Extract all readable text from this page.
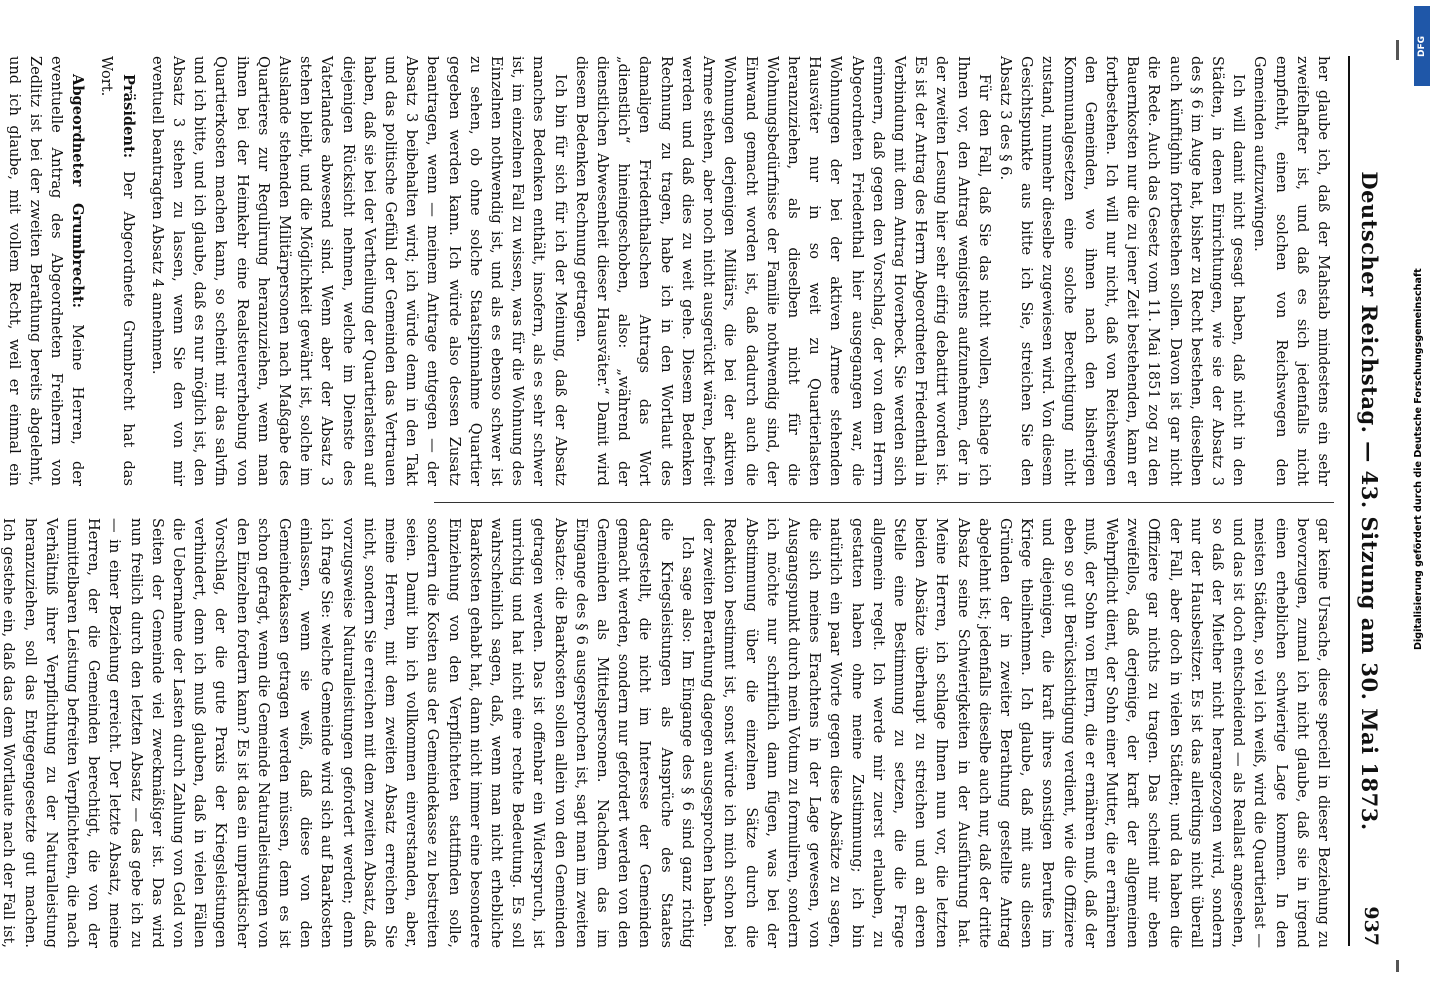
Deutscher Reichstag. — 43. Sitzung am 30. Mai 1873.
937

her glaube ich, daß der Mahstab mindestens ein sehr zweifelhafter ist, und daß es sich jedenfalls nicht empfiehlt, einen solchen von Reichswegen den Gemeinden aufzuzwingen.

Ich will damit nicht gesagt haben, daß nicht in den Städten, in denen Einrichtungen, wie sie der Absatz 3 des § 6 im Auge hat, bisher zu Recht bestehen, dieselben auch künftighin fortbestehen sollen. Davon ist gar nicht die Rede. Auch das Gesetz vom 11. Mai 1851 zog zu den Bauernkosten nur die zu jener Zeit bestehenden, kann er fortbestehen. Ich will nur nicht, daß von Reichswegen den Gemeinden, wo ihnen nach den bisherigen Kommunalgesetzen eine solche Berechtigung nicht zustand, nunmehr dieselbe zugewiesen wird. Von diesem Gesichtspunkte aus bitte ich Sie, streichen Sie den Absatz 3 des § 6.

Für den Fall, daß Sie das nicht wollen, schlage ich Ihnen vor, den Antrag wenigstens aufzunehmen, der in der zweiten Lesung hier sehr eifrig debattirt worden ist. Es ist der Antrag des Herrn Abgeordneten Friedenthal in Verbindung mit dem Antrag Hoverbeck. Sie werden sich erinnern, daß gegen den Vorschlag, der von dem Herrn Abgeordneten Friedenthal hier ausgegangen war, die Wohnungen der bei der aktiven Armee stehenden Hausväter nur in so weit zu Quartierlasten heranzuziehen, als dieselben nicht für die Wohnungsbedürfnisse der Familie nothwendig sind, der Einwand gemacht worden ist, daß dadurch auch die Wohnungen derjenigen Militärs, die bei der aktiven Armee stehen, aber noch nicht ausgerückt wären, befreit werden und daß dies zu weit gehe. Diesem Bedenken Rechnung zu tragen, habe ich in den Wortlaut des damaligen Friedenthalschen Antrags das Wort „dienstlich“ hineingeschoben, also: „während der dienstlichen Abwesenheit dieser Hausväter.“ Damit wird diesem Bedenken Rechnung getragen.

Ich bin für sich für ich der Meinung, daß der Absatz manches Bedenken enthält, insofern, als es sehr schwer ist, im einzelnen Fall zu wissen, was für die Wohnung des Einzelnen nothwendig ist, und als es ebenso schwer ist zu sehen, ob ohne solche Staatspinnahme Quartier gegeben werden kann. Ich würde also dessen Zusatz beantragen, wenn — meinem Antrage entgegen — der Absatz 3 beibehalten wird; ich würde denn in den Takt und das politische Gefühl der Gemeinden das Vertrauen haben, daß sie bei der Vertheilung der Quartierlasten auf diejenigen Rücksicht nehmen, welche im Dienste des Vaterlandes abwesend sind. Wenn aber der Absatz 3 stehen bleibt, und die Möglichkeit gewährt ist, solche im Auslande stehenden Militärpersonen nach Maßgabe des Quartieres zur Regulirung heranzuziehen, wenn man ihnen bei der Heimkehr eine Realsteuererhebung von Quartierkosten machen kann, so scheint mir das salvfin und ich bitte, und ich glaube, daß es nur möglich ist, den Absatz 3 stehen zu lassen, wenn Sie den von mir eventuell beantragten Absatz 4 annehmen.

Präsident: Der Abgeordnete Grumbrecht hat das Wort.

Abgeordneter Grumbrecht: Meine Herren, der eventuelle Antrag des Abgeordneten Freiherrn von Zedlitz ist bei der zweiten Berathung bereits abgelehnt, und ich glaube, mit vollem Recht, weil er einmal ein

gar keine Ursache, diese speciell in dieser Beziehung zu bevorzugen, zumal ich nicht glaube, daß sie in irgend einen erheblichen schwierige Lage kommen. In den meisten Städten, so viel ich weiß, wird die Quartierlast — und das ist doch entscheidend — als Reallast angesehen, so daß der Miether nicht herangezogen wird, sondern nur der Hausbesitzer. Es ist das allerdings nicht überall der Fall, aber doch in vielen Städten; und da haben die Offiziere gar nichts zu tragen. Das scheint mir eben zweifellos, daß derjenige, der kraft der allgemeinen Wehrpflicht dient, der Sohn einer Mutter, die er ernähren muß, der Sohn von Eltern, die er ernähren muß, daß der eben so gut Berücksichtigung verdient, wie die Offiziere und diejenigen, die kraft ihres sonstigen Berufes im Kriege theilnehmen. Ich glaube, daß mit aus diesen Gründen der in zweiter Berathung gestellte Antrag abgelehnt ist; jedenfalls dieselbe auch nur, daß der dritte Absatz seine Schwierigkeiten in der Ausführung hat. Meine Herren, ich schlage Ihnen nun vor, die letzten beiden Absätze überhaupt zu streichen und an deren Stelle eine Bestimmung zu setzen, die die Frage allgemein regelt. Ich werde mir zuerst erlauben, zu gestatten haben ohne meine Zustimmung; ich bin natürlich ein paar Worte gegen diese Absätze zu sagen, die sich meines Erachtens in der Lage gewesen, von Ausgangspunkt durch mein Votum zu formuliren, sondern ich möchte nur schriftlich dann fügen, was bei der Abstimmung über die einzelnen Sätze durch die Redaktion bestimmt ist, sonst würde ich mich schon bei der zweiten Berathung dagegen ausgesprochen haben.

Ich sage also: Im Eingange des § 6 sind ganz richtig die Kriegsleistungen als Ansprüche des Staates dargestellt, die nicht im Interesse der Gemeinden gemacht werden, sondern nur gefordert werden von den Gemeinden als Mittelspersonen. Nachdem das im Eingange des § 6 ausgesprochen ist, sagt man im zweiten Absatze: die Baarkosten sollen allein von den Gemeinden getragen werden. Das ist offenbar ein Widerspruch, ist unrichtig und hat nicht eine rechte Bedeutung. Es soll wahrscheinlich sagen, daß, wenn man nicht erhebliche Baarkosten gehabt hat, dann nicht immer eine besondere Einziehung von den Verpflichteten stattfinden solle, sondern die Kosten aus der Gemeindekasse zu bestreiten seien. Damit bin ich vollkommen einverstanden, aber, meine Herren, mit dem zweiten Absatz erreichen Sie nicht, sondern Sie erreichen mit dem zweiten Absatz, daß vorzugsweise Naturalleistungen gefordert werden; denn ich frage Sie: welche Gemeinde wird sich auf Baarkosten einlassen, wenn sie weiß, daß diese von den Gemeindekassen getragen werden müssen, denn es ist schon gefragt, wenn die Gemeinde Naturalleistungen von den Einzelnen fordern kann? Es ist das ein unpraktischer Vorschlag, der die gute Praxis der Kriegsleistungen verhindert, denn ich muß glauben, daß in vielen Fällen die Uebernahme der Lasten durch Zahlung von Geld von Seiten der Gemeinde viel zweckmäßiger ist. Das wird nun freilich durch den letzten Absatz — das gebe ich zu — in einer Beziehung erreicht. Der letzte Absatz, meine Herren, der die Gemeinden berechtigt, die von der unmittelbaren Leistung befreiten Verpflichteten, die nach Verhältniß ihrer Verpflichtung zu der Naturalleistung heranzuziehen, soll das Entgegengesetzte gut machen. Ich gestehe ein, daß das dem Wortlaute nach der Fall ist,

DFG
Digitalisierung gefördert durch die Deutsche Forschungsgemeinschaft
